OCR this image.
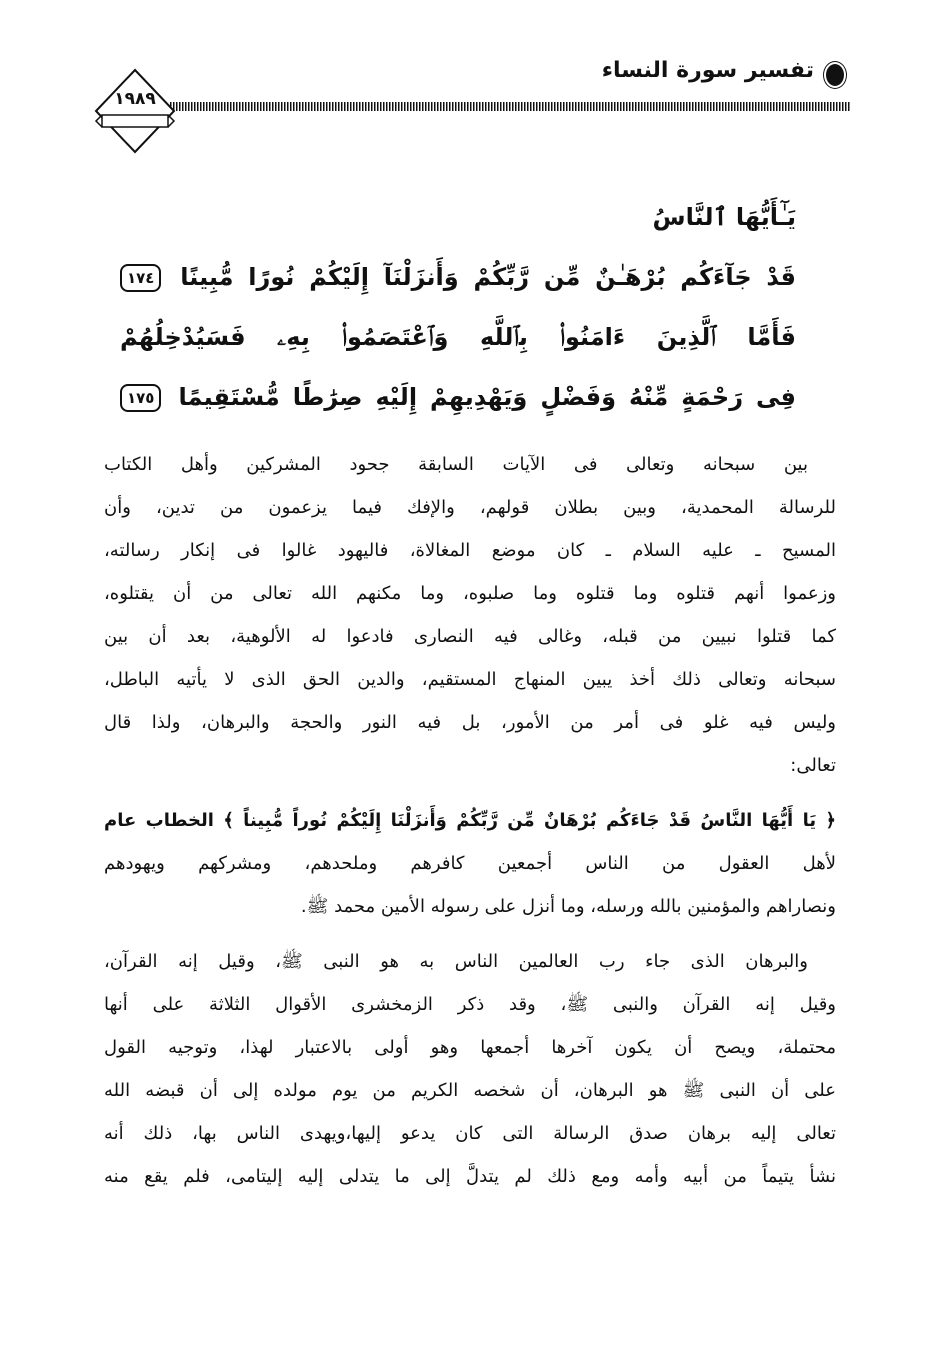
تفسير سورة النساء
١٩٨٩
يَـٰٓأَيُّهَا ٱلنَّاسُ
قَدْ جَآءَكُم بُرْهَـٰنٌ مِّن رَّبِّكُمْ وَأَنزَلْنَآ إِلَيْكُمْ نُورًا مُّبِينًا ١٧٤
فَأَمَّا ٱلَّذِينَ ءَامَنُوا۟ بِٱللَّهِ وَٱعْتَصَمُوا۟ بِهِۦ فَسَيُدْخِلُهُمْ
فِى رَحْمَةٍ مِّنْهُ وَفَضْلٍ وَيَهْدِيهِمْ إِلَيْهِ صِرَٰطًا مُّسْتَقِيمًا ١٧٥
بين سبحانه وتعالى فى الآيات السابقة جحود المشركين وأهل الكتاب
للرسالة المحمدية، وبين بطلان قولهم، والإفك فيما يزعمون من تدين، وأن
المسيح ـ عليه السلام ـ كان موضع المغالاة، فاليهود غالوا فى إنكار رسالته،
وزعموا أنهم قتلوه وما قتلوه وما صلبوه، وما مكنهم الله تعالى من أن يقتلوه،
كما قتلوا نبيين من قبله، وغالى فيه النصارى فادعوا له الألوهية، بعد أن بين
سبحانه وتعالى ذلك أخذ يبين المنهاج المستقيم، والدين الحق الذى لا يأتيه الباطل،
وليس فيه غلو فى أمر من الأمور، بل فيه النور والحجة والبرهان، ولذا قال
تعالى:
﴿ يَا أَيُّهَا النَّاسُ قَدْ جَاءَكُم بُرْهَانٌ مِّن رَّبِّكُمْ وَأَنزَلْنَا إِلَيْكُمْ نُوراً مُّبِيناً ﴾ الخطاب عام
لأهل العقول من الناس أجمعين كافرهم وملحدهم، ومشركهم ويهودهم
ونصاراهم والمؤمنين بالله ورسله، وما أنزل على رسوله الأمين محمد ﷺ.
والبرهان الذى جاء رب العالمين الناس به هو النبى ﷺ، وقيل إنه القرآن،
وقيل إنه القرآن والنبى ﷺ، وقد ذكر الزمخشرى الأقوال الثلاثة على أنها
محتملة، ويصح أن يكون آخرها أجمعها وهو أولى بالاعتبار لهذا، وتوجيه القول
على أن النبى ﷺ هو البرهان، أن شخصه الكريم من يوم مولده إلى أن قبضه الله
تعالى إليه برهان صدق الرسالة التى كان يدعو إليها،ويهدى الناس بها، ذلك أنه
نشأ يتيماً من أبيه وأمه ومع ذلك لم يتدلَّ إلى ما يتدلى إليه إليتامى، فلم يقع منه
